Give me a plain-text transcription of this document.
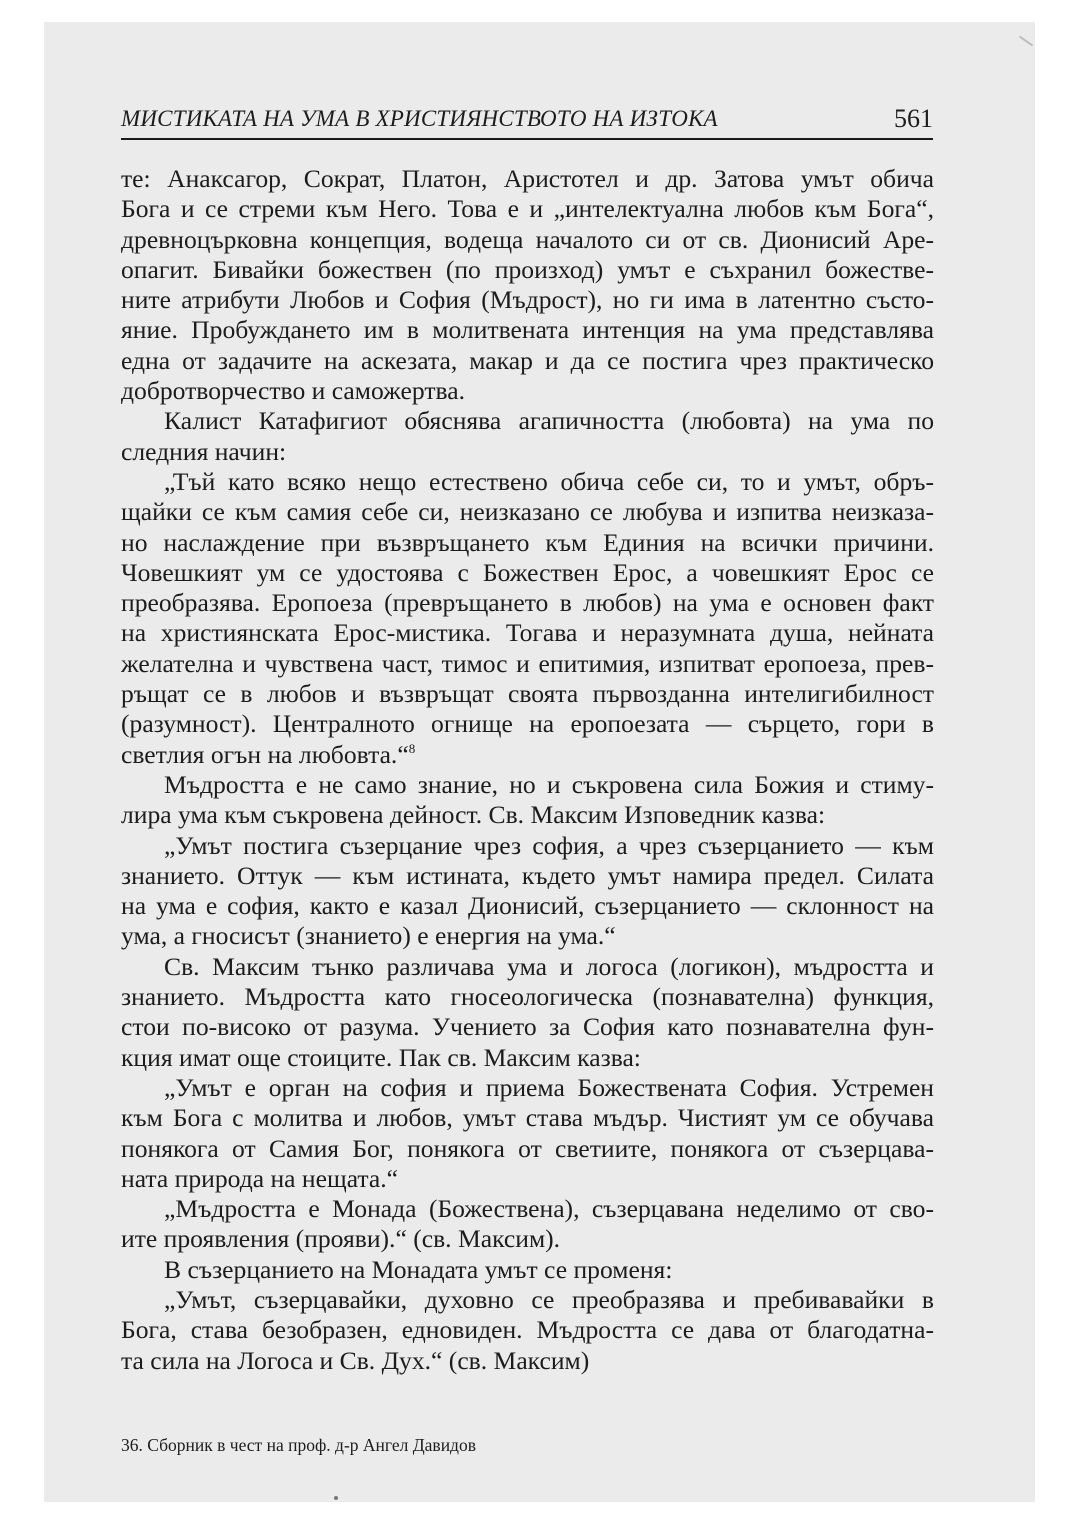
МИСТИКАТА НА УМА В ХРИСТИЯНСТВОТО НА ИЗТОКА	561
те: Анаксагор, Сократ, Платон, Аристотел и др. Затова умът обича
Бога и се стреми към Него. Това е и „интелектуална любов към Бога“,
древноцърковна концепция, водеща началото си от св. Дионисий Аре-
опагит. Бивайки божествен (по произход) умът е съхранил божестве-
ните атрибути Любов и София (Мъдрост), но ги има в латентно състо-
яние. Пробуждането им в молитвената интенция на ума представлява
една от задачите на аскезата, макар и да се постига чрез практическо
добротворчество и саможертва.
Калист Катафигиот обяснява агапичността (любовта) на ума по
следния начин:
„Тъй като всяко нещо естествено обича себе си, то и умът, обръ-
щайки се към самия себе си, неизказано се любува и изпитва неизказа-
но наслаждение при възвръщането към Единия на всички причини.
Човешкият ум се удостоява с Божествен Ерос, а човешкият Ерос се
преобразява. Еропоеза (превръщането в любов) на ума е основен факт
на християнската Ерос-мистика. Тогава и неразумната душа, нейната
желателна и чувствена част, тимос и епитимия, изпитват еропоеза, прев-
ръщат се в любов и възвръщат своята първозданна интелигибилност
(разумност). Централното огнище на еропоезата — сърцето, гори в
светлия огън на любовта.“$^8$
Мъдростта е не само знание, но и съкровена сила Божия и стиму-
лира ума към съкровена дейност. Св. Максим Изповедник казва:
„Умът постига съзерцание чрез софия, а чрез съзерцанието — към
знанието. Оттук — към истината, където умът намира предел. Силата
на ума е софия, както е казал Дионисий, съзерцанието — склонност на
ума, а гносисът (знанието) е енергия на ума.“
Св. Максим тънко различава ума и логоса (логикон), мъдростта и
знанието. Мъдростта като гносеологическа (познавателна) функция,
стои по-високо от разума. Учението за София като познавателна фун-
кция имат още стоиците. Пак св. Максим казва:
„Умът е орган на софия и приема Божествената София. Устремен
към Бога с молитва и любов, умът става мъдър. Чистият ум се обучава
понякога от Самия Бог, понякога от светиите, понякога от съзерцава-
ната природа на нещата.“
„Мъдростта е Монада (Божествена), съзерцавана неделимо от сво-
ите проявления (прояви).“ (св. Максим).
В съзерцанието на Монадата умът се променя:
„Умът, съзерцавайки, духовно се преобразява и пребивавайки в
Бога, става безобразен, едновиден. Мъдростта се дава от благодатна-
та сила на Логоса и Св. Дух.“ (св. Максим)
36. Сборник в чест на проф. д-р Ангел Давидов
